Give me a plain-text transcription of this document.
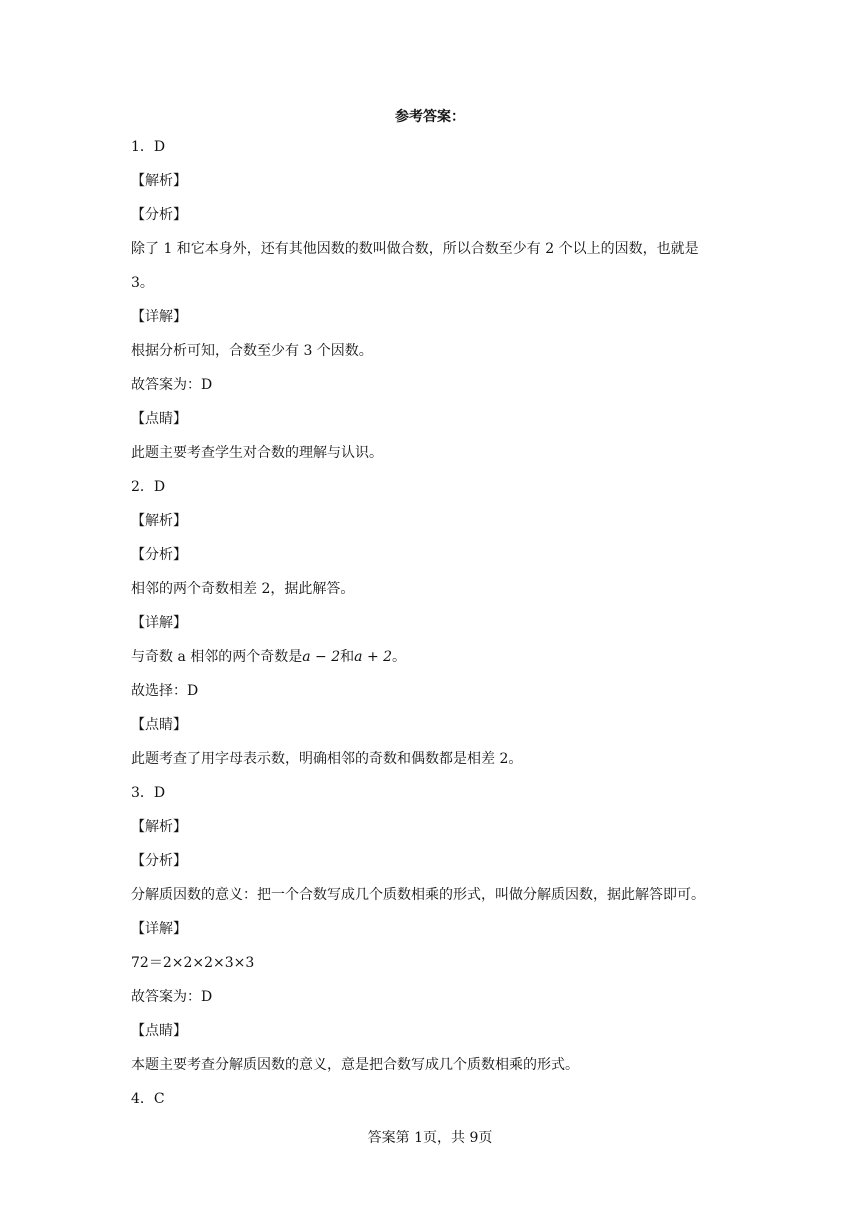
参考答案：
1．D
【解析】
【分析】
除了 1 和它本身外，还有其他因数的数叫做合数，所以合数至少有 2 个以上的因数，也就是
3。
【详解】
根据分析可知，合数至少有 3 个因数。
故答案为：D
【点睛】
此题主要考查学生对合数的理解与认识。
2．D
【解析】
【分析】
相邻的两个奇数相差 2，据此解答。
【详解】
与奇数 a 相邻的两个奇数是a − 2和a + 2。
故选择：D
【点睛】
此题考查了用字母表示数，明确相邻的奇数和偶数都是相差 2。
3．D
【解析】
【分析】
分解质因数的意义：把一个合数写成几个质数相乘的形式，叫做分解质因数，据此解答即可。
【详解】
72＝2×2×2×3×3
故答案为：D
【点睛】
本题主要考查分解质因数的意义，意是把合数写成几个质数相乘的形式。
4．C
答案第 1页，共 9页
